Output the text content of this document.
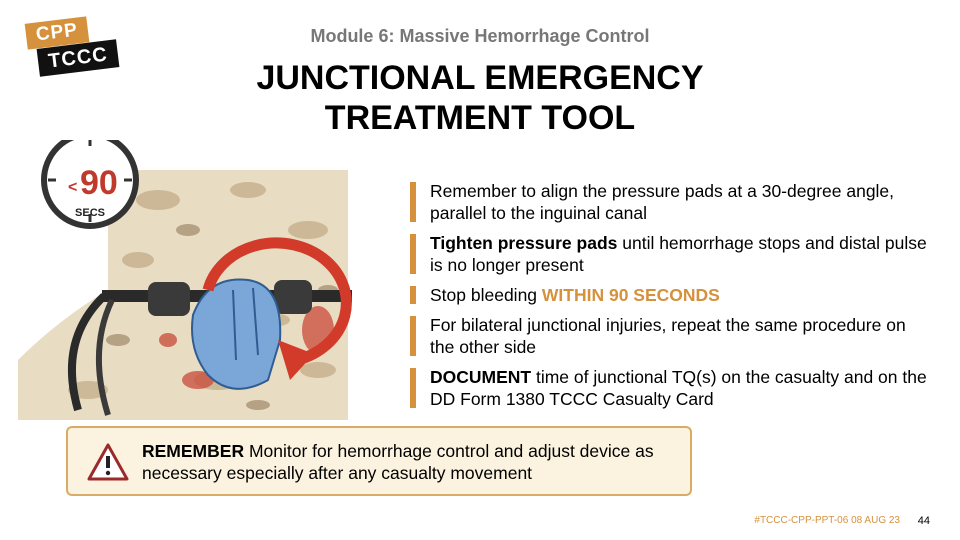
CPP
TCCC
Module 6: Massive Hemorrhage Control
JUNCTIONAL EMERGENCY
TREATMENT TOOL
< 90
SECS
Remember to align the pressure pads at a 30-degree angle, parallel to the inguinal canal
Tighten pressure pads until hemorrhage stops and distal pulse is no longer present
Stop bleeding WITHIN 90 SECONDS
For bilateral junctional injuries, repeat the same procedure on the other side
DOCUMENT time of junctional TQ(s) on the casualty and on the DD Form 1380 TCCC Casualty Card
REMEMBER Monitor for hemorrhage control and adjust device as necessary especially after any casualty movement
#TCCC-CPP-PPT-06 08 AUG 23 44
